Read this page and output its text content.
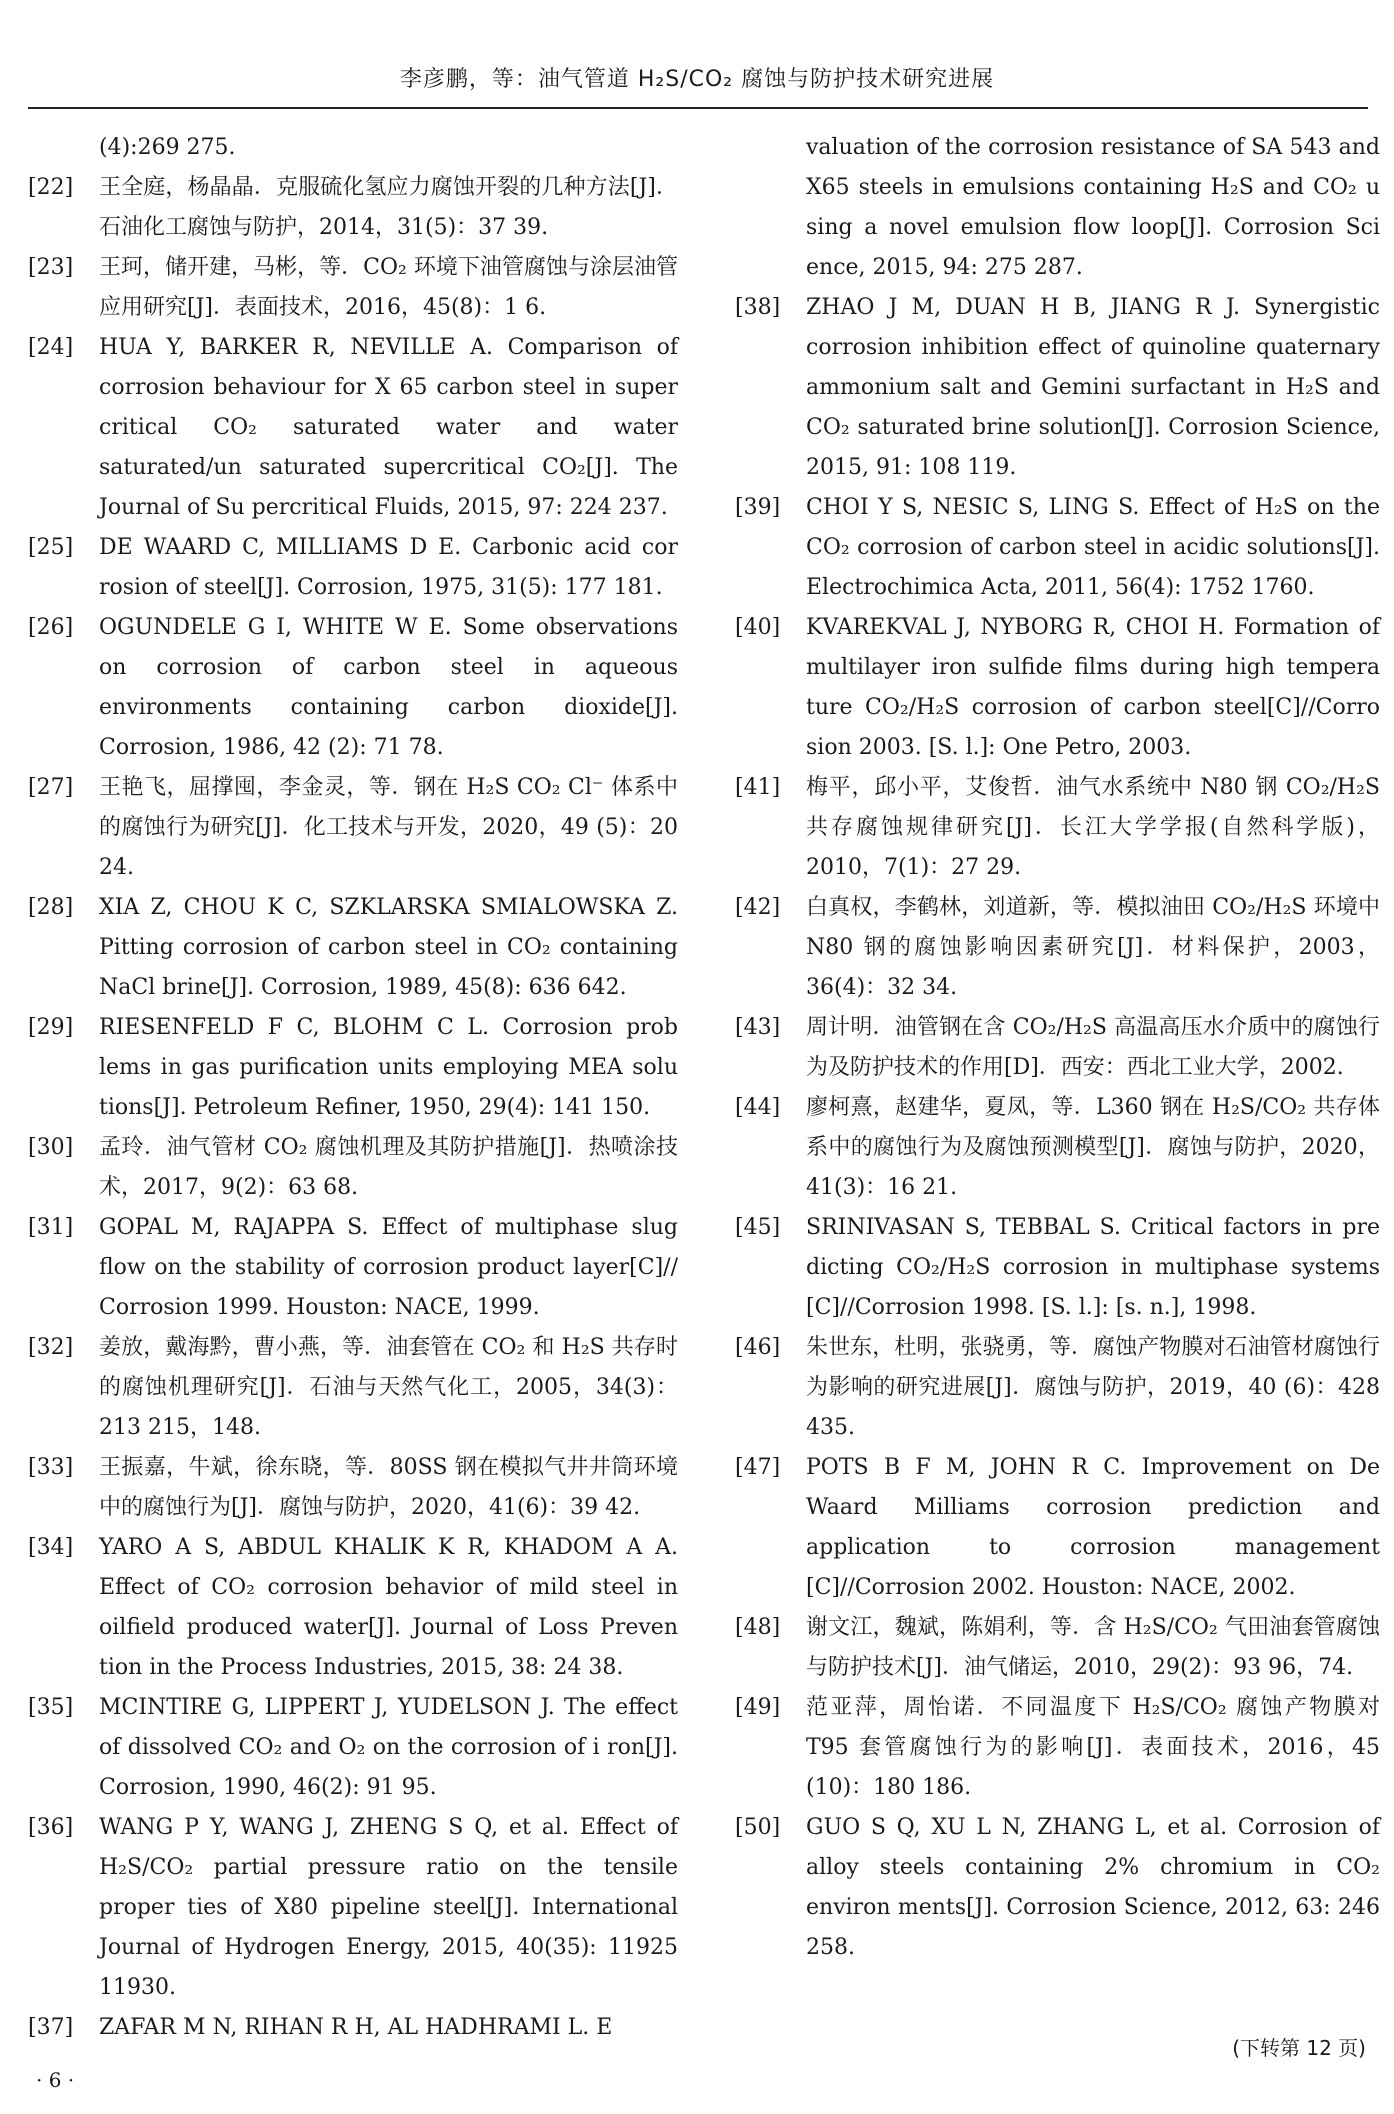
李彦鹏，等：油气管道 H₂S/CO₂ 腐蚀与防护技术研究进展
(4):269 275.
[22]	王全庭，杨晶晶．克服硫化氢应力腐蚀开裂的几种方法[J]．石油化工腐蚀与防护，2014，31(5)：37 39.
[23]	王珂，储开建，马彬，等．CO₂ 环境下油管腐蚀与涂层油管应用研究[J]．表面技术，2016，45(8)：1 6.
[24]	HUA Y, BARKER R, NEVILLE A. Comparison of corrosion behaviour for X 65 carbon steel in super critical CO₂ saturated water and water saturated/un saturated supercritical CO₂[J]. The Journal of Su percritical Fluids, 2015, 97: 224 237.
[25]	DE WAARD C, MILLIAMS D E. Carbonic acid cor rosion of steel[J]. Corrosion, 1975, 31(5): 177 181.
[26]	OGUNDELE G I, WHITE W E. Some observations on corrosion of carbon steel in aqueous environments containing carbon dioxide[J]. Corrosion, 1986, 42 (2): 71 78.
[27]	王艳飞，屈撑囤，李金灵，等．钢在 H₂S CO₂ Cl⁻ 体系中的腐蚀行为研究[J]．化工技术与开发，2020，49 (5)：20 24.
[28]	XIA Z, CHOU K C, SZKLARSKA SMIALOWSKA Z. Pitting corrosion of carbon steel in CO₂ containing NaCl brine[J]. Corrosion, 1989, 45(8): 636 642.
[29]	RIESENFELD F C, BLOHM C L. Corrosion prob lems in gas purification units employing MEA solu tions[J]. Petroleum Refiner, 1950, 29(4): 141 150.
[30]	孟玲．油气管材 CO₂ 腐蚀机理及其防护措施[J]．热喷涂技术，2017，9(2)：63 68.
[31]	GOPAL M, RAJAPPA S. Effect of multiphase slug flow on the stability of corrosion product layer[C]// Corrosion 1999. Houston: NACE, 1999.
[32]	姜放，戴海黔，曹小燕，等．油套管在 CO₂ 和 H₂S 共存时的腐蚀机理研究[J]．石油与天然气化工，2005，34(3)：213 215，148.
[33]	王振嘉，牛斌，徐东晓，等．80SS 钢在模拟气井井筒环境中的腐蚀行为[J]．腐蚀与防护，2020，41(6)：39 42.
[34]	YARO A S, ABDUL KHALIK K R, KHADOM A A. Effect of CO₂ corrosion behavior of mild steel in oilfield produced water[J]. Journal of Loss Preven tion in the Process Industries, 2015, 38: 24 38.
[35]	MCINTIRE G, LIPPERT J, YUDELSON J. The effect of dissolved CO₂ and O₂ on the corrosion of i ron[J]. Corrosion, 1990, 46(2): 91 95.
[36]	WANG P Y, WANG J, ZHENG S Q, et al. Effect of H₂S/CO₂ partial pressure ratio on the tensile proper ties of X80 pipeline steel[J]. International Journal of Hydrogen Energy, 2015, 40(35): 11925 11930.
[37]	ZAFAR M N, RIHAN R H, AL HADHRAMI L. E
valuation of the corrosion resistance of SA 543 and X65 steels in emulsions containing H₂S and CO₂ u sing a novel emulsion flow loop[J]. Corrosion Sci ence, 2015, 94: 275 287.
[38]	ZHAO J M, DUAN H B, JIANG R J. Synergistic corrosion inhibition effect of quinoline quaternary ammonium salt and Gemini surfactant in H₂S and CO₂ saturated brine solution[J]. Corrosion Science, 2015, 91: 108 119.
[39]	CHOI Y S, NESIC S, LING S. Effect of H₂S on the CO₂ corrosion of carbon steel in acidic solutions[J]. Electrochimica Acta, 2011, 56(4): 1752 1760.
[40]	KVAREKVAL J, NYBORG R, CHOI H. Formation of multilayer iron sulfide films during high tempera ture CO₂/H₂S corrosion of carbon steel[C]//Corro sion 2003. [S. l.]: One Petro, 2003.
[41]	梅平，邱小平，艾俊哲．油气水系统中 N80 钢 CO₂/H₂S 共存腐蚀规律研究[J]．长江大学学报(自然科学版)，2010，7(1)：27 29.
[42]	白真权，李鹤林，刘道新，等．模拟油田 CO₂/H₂S 环境中 N80 钢的腐蚀影响因素研究[J]．材料保护，2003，36(4)：32 34.
[43]	周计明．油管钢在含 CO₂/H₂S 高温高压水介质中的腐蚀行为及防护技术的作用[D]．西安：西北工业大学，2002.
[44]	廖柯熹，赵建华，夏凤，等．L360 钢在 H₂S/CO₂ 共存体系中的腐蚀行为及腐蚀预测模型[J]．腐蚀与防护，2020，41(3)：16 21.
[45]	SRINIVASAN S, TEBBAL S. Critical factors in pre dicting CO₂/H₂S corrosion in multiphase systems [C]//Corrosion 1998. [S. l.]: [s. n.], 1998.
[46]	朱世东，杜明，张骁勇，等．腐蚀产物膜对石油管材腐蚀行为影响的研究进展[J]．腐蚀与防护，2019，40 (6)：428 435.
[47]	POTS B F M, JOHN R C. Improvement on De Waard Milliams corrosion prediction and application to corrosion management [C]//Corrosion 2002. Houston: NACE, 2002.
[48]	谢文江，魏斌，陈娟利，等．含 H₂S/CO₂ 气田油套管腐蚀与防护技术[J]．油气储运，2010，29(2)：93 96，74.
[49]	范亚萍，周怡诺．不同温度下 H₂S/CO₂ 腐蚀产物膜对 T95 套管腐蚀行为的影响[J]．表面技术，2016，45 (10)：180 186.
[50]	GUO S Q, XU L N, ZHANG L, et al. Corrosion of alloy steels containing 2% chromium in CO₂ environ ments[J]. Corrosion Science, 2012, 63: 246 258.
(下转第 12 页)
· 6 ·
